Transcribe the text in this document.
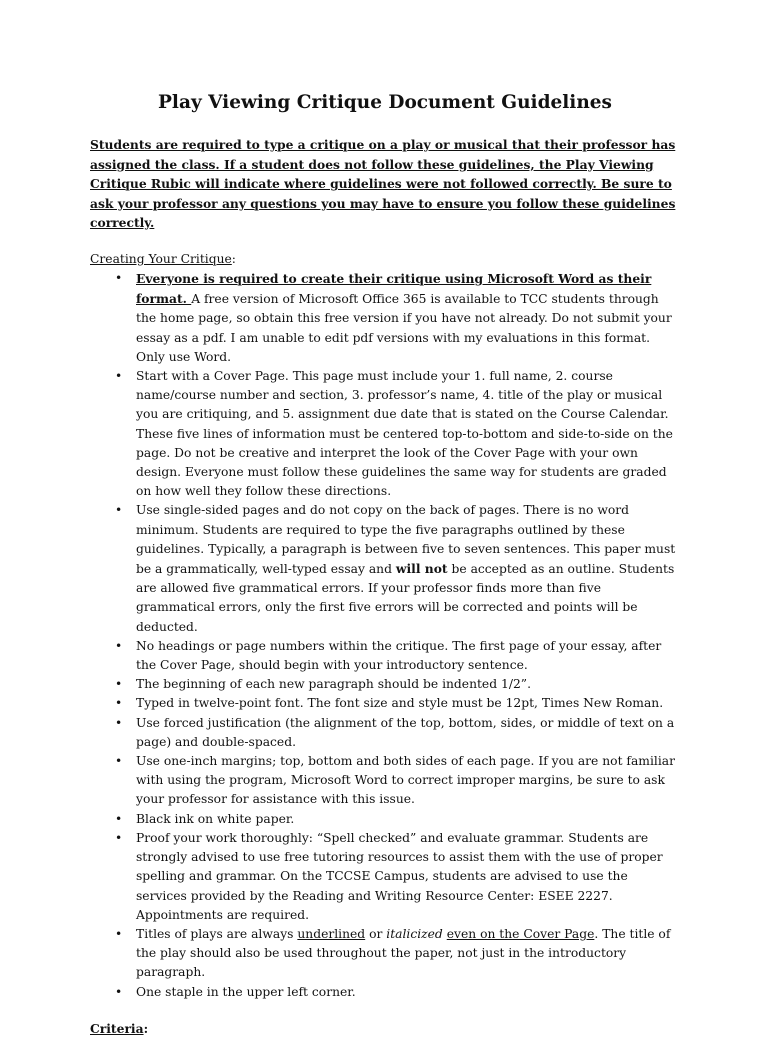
Play Viewing Critique Document Guidelines

Students are required to type a critique on a play or musical that their professor has assigned the class. If a student does not follow these guidelines, the Play Viewing Critique Rubic will indicate where guidelines were not followed correctly. Be sure to ask your professor any questions you may have to ensure you follow these guidelines correctly.

Creating Your Critique:

• Everyone is required to create their critique using Microsoft Word as their format. A free version of Microsoft Office 365 is available to TCC students through the home page, so obtain this free version if you have not already. Do not submit your essay as a pdf. I am unable to edit pdf versions with my evaluations in this format. Only use Word.
• Start with a Cover Page. This page must include your 1. full name, 2. course name/course number and section, 3. professor’s name, 4. title of the play or musical you are critiquing, and 5. assignment due date that is stated on the Course Calendar. These five lines of information must be centered top-to-bottom and side-to-side on the page. Do not be creative and interpret the look of the Cover Page with your own design. Everyone must follow these guidelines the same way for students are graded on how well they follow these directions.
• Use single-sided pages and do not copy on the back of pages. There is no word minimum. Students are required to type the five paragraphs outlined by these guidelines. Typically, a paragraph is between five to seven sentences. This paper must be a grammatically, well-typed essay and will not be accepted as an outline. Students are allowed five grammatical errors. If your professor finds more than five grammatical errors, only the first five errors will be corrected and points will be deducted.
• No headings or page numbers within the critique. The first page of your essay, after the Cover Page, should begin with your introductory sentence.
• The beginning of each new paragraph should be indented 1/2”.
• Typed in twelve-point font. The font size and style must be 12pt, Times New Roman.
• Use forced justification (the alignment of the top, bottom, sides, or middle of text on a page) and double-spaced.
• Use one-inch margins; top, bottom and both sides of each page. If you are not familiar with using the program, Microsoft Word to correct improper margins, be sure to ask your professor for assistance with this issue.
• Black ink on white paper.
• Proof your work thoroughly: “Spell checked” and evaluate grammar. Students are strongly advised to use free tutoring resources to assist them with the use of proper spelling and grammar. On the TCCSE Campus, students are advised to use the services provided by the Reading and Writing Resource Center: ESEE 2227. Appointments are required.
• Titles of plays are always underlined or italicized even on the Cover Page. The title of the play should also be used throughout the paper, not just in the introductory paragraph.
• One staple in the upper left corner.

Criteria:
